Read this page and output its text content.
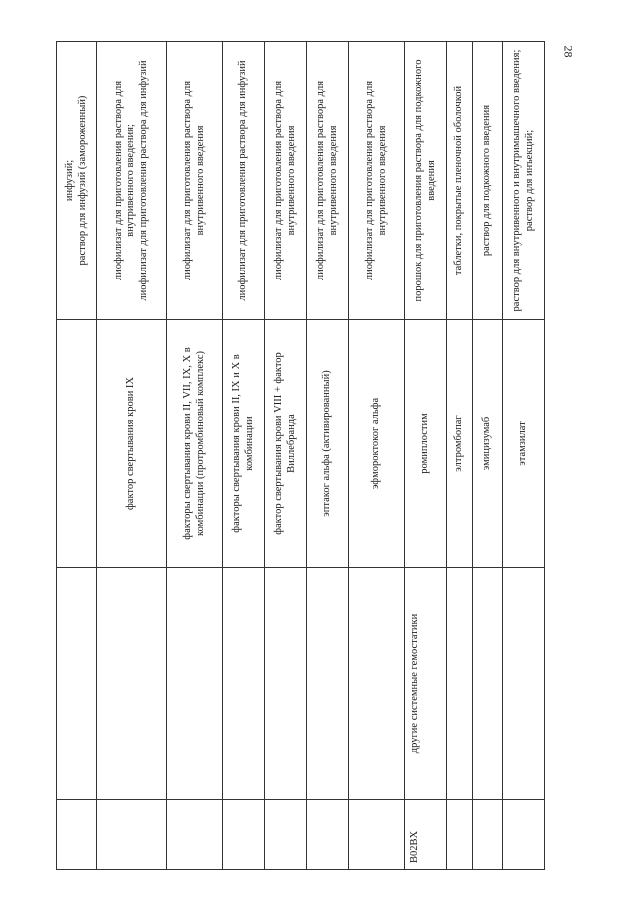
28

			инфузий; раствор для инфузий (замороженный)

		фактор свертывания крови IX	лиофилизат для приготовления раствора для внутривенного введения; лиофилизат для приготовления раствора для инфузий

		факторы свертывания крови II, VII, IX, X в комбинации (протромбиновый комплекс)	лиофилизат для приготовления раствора для внутривенного введения

		факторы свертывания крови II, IX и X в комбинации	лиофилизат для приготовления раствора для инфузий

		фактор свертывания крови VIII + фактор Виллебранда	лиофилизат для приготовления раствора для внутривенного введения

		эптаког альфа (активированный)	лиофилизат для приготовления раствора для внутривенного введения

		эфмороктоког альфа	лиофилизат для приготовления раствора для внутривенного введения

B02BX	другие системные гемостатики	ромиплостим	порошок для приготовления раствора для подкожного введения

		элтромбопаг	таблетки, покрытые пленочной оболочкой

		эмицизумаб	раствор для подкожного введения

		этамзилат	раствор для внутривенного и внутримышечного введения; раствор для инъекций;
